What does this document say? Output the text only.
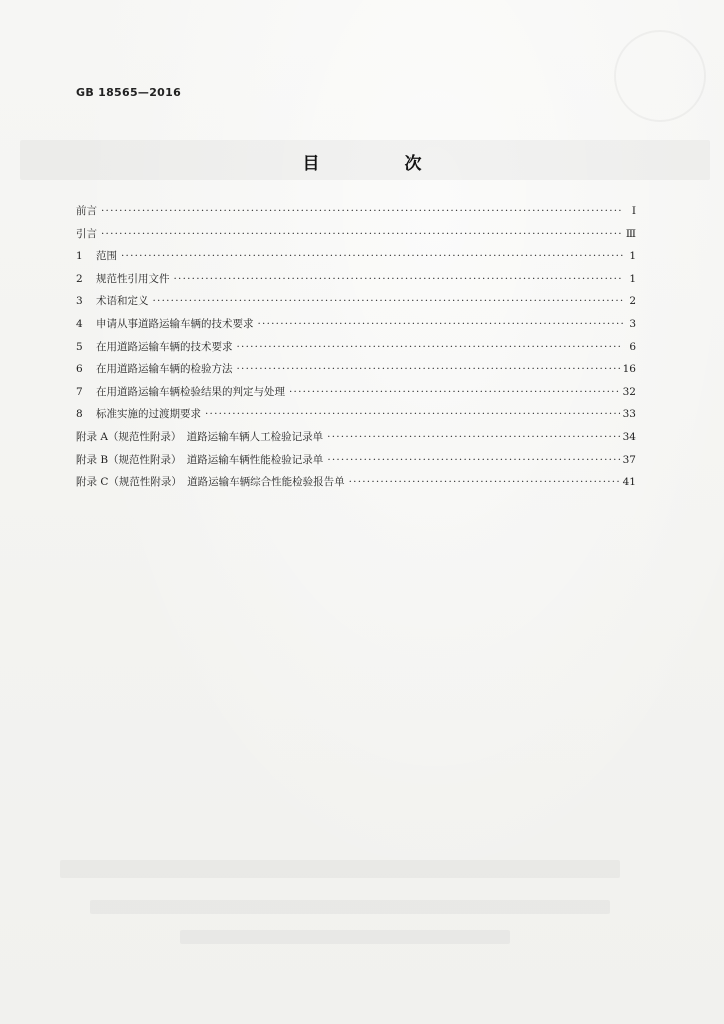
GB 18565—2016
目　次
前言 ·····	Ⅰ
引言 ·····	Ⅲ
1 范围 ·····	1
2 规范性引用文件 ·····	1
3 术语和定义 ·····	2
4 申请从事道路运输车辆的技术要求 ·····	3
5 在用道路运输车辆的技术要求 ·····	6
6 在用道路运输车辆的检验方法 ·····	16
7 在用道路运输车辆检验结果的判定与处理 ·····	32
8 标准实施的过渡期要求 ·····	33
附录 A（规范性附录）　道路运输车辆人工检验记录单 ·····	34
附录 B（规范性附录）　道路运输车辆性能检验记录单 ·····	37
附录 C（规范性附录）　道路运输车辆综合性能检验报告单 ·····	41
